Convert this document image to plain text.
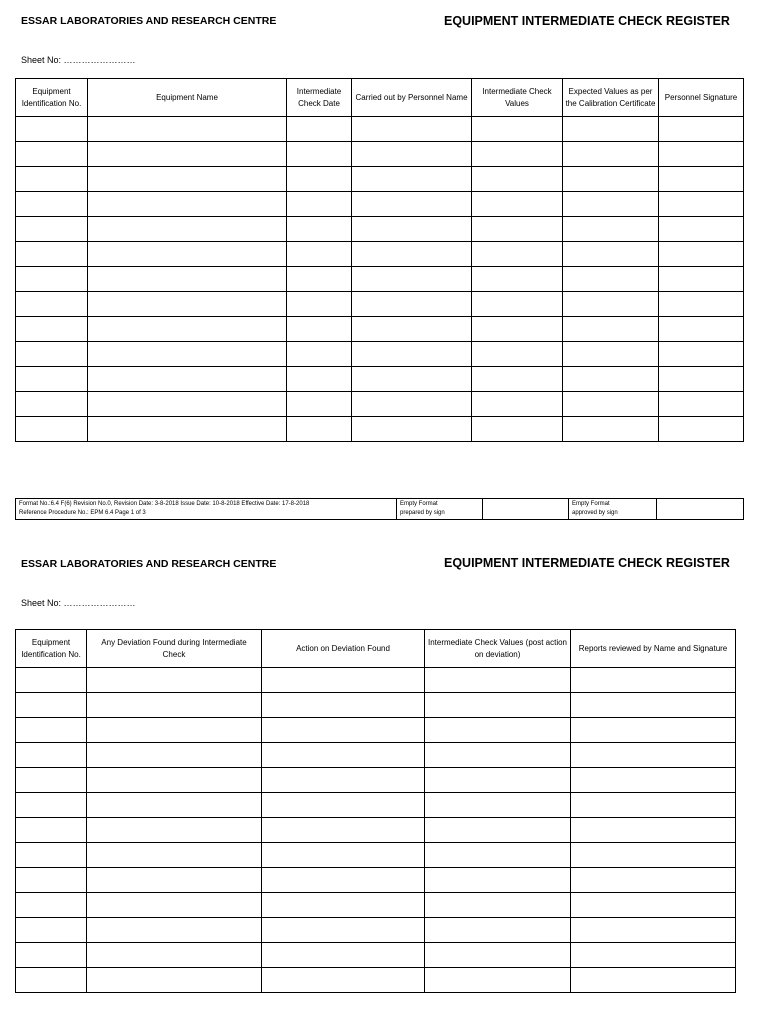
ESSAR LABORATORIES AND RESEARCH CENTRE	EQUIPMENT INTERMEDIATE CHECK REGISTER
Sheet No: ……………………
Equipment Identification No.	Equipment Name	Intermediate Check Date	Carried out by Personnel Name	Intermediate Check Values	Expected Values as per the Calibration Certificate	Personnel Signature

Format No.:6.4 F(6) Revision No.0, Revision Date: 3-8-2018 Issue Date: 10-8-2018 Effective Date: 17-8-2018
Reference Procedure No.: EPM 6.4 Page 1 of 3

Empty Format
prepared by sign

Empty Format
approved by sign

ESSAR LABORATORIES AND RESEARCH CENTRE	EQUIPMENT INTERMEDIATE CHECK REGISTER
Sheet No: ……………………
Equipment Identification No.	Any Deviation Found during Intermediate Check	Action on Deviation Found	Intermediate Check Values (post action on deviation)	Reports reviewed by Name and Signature
